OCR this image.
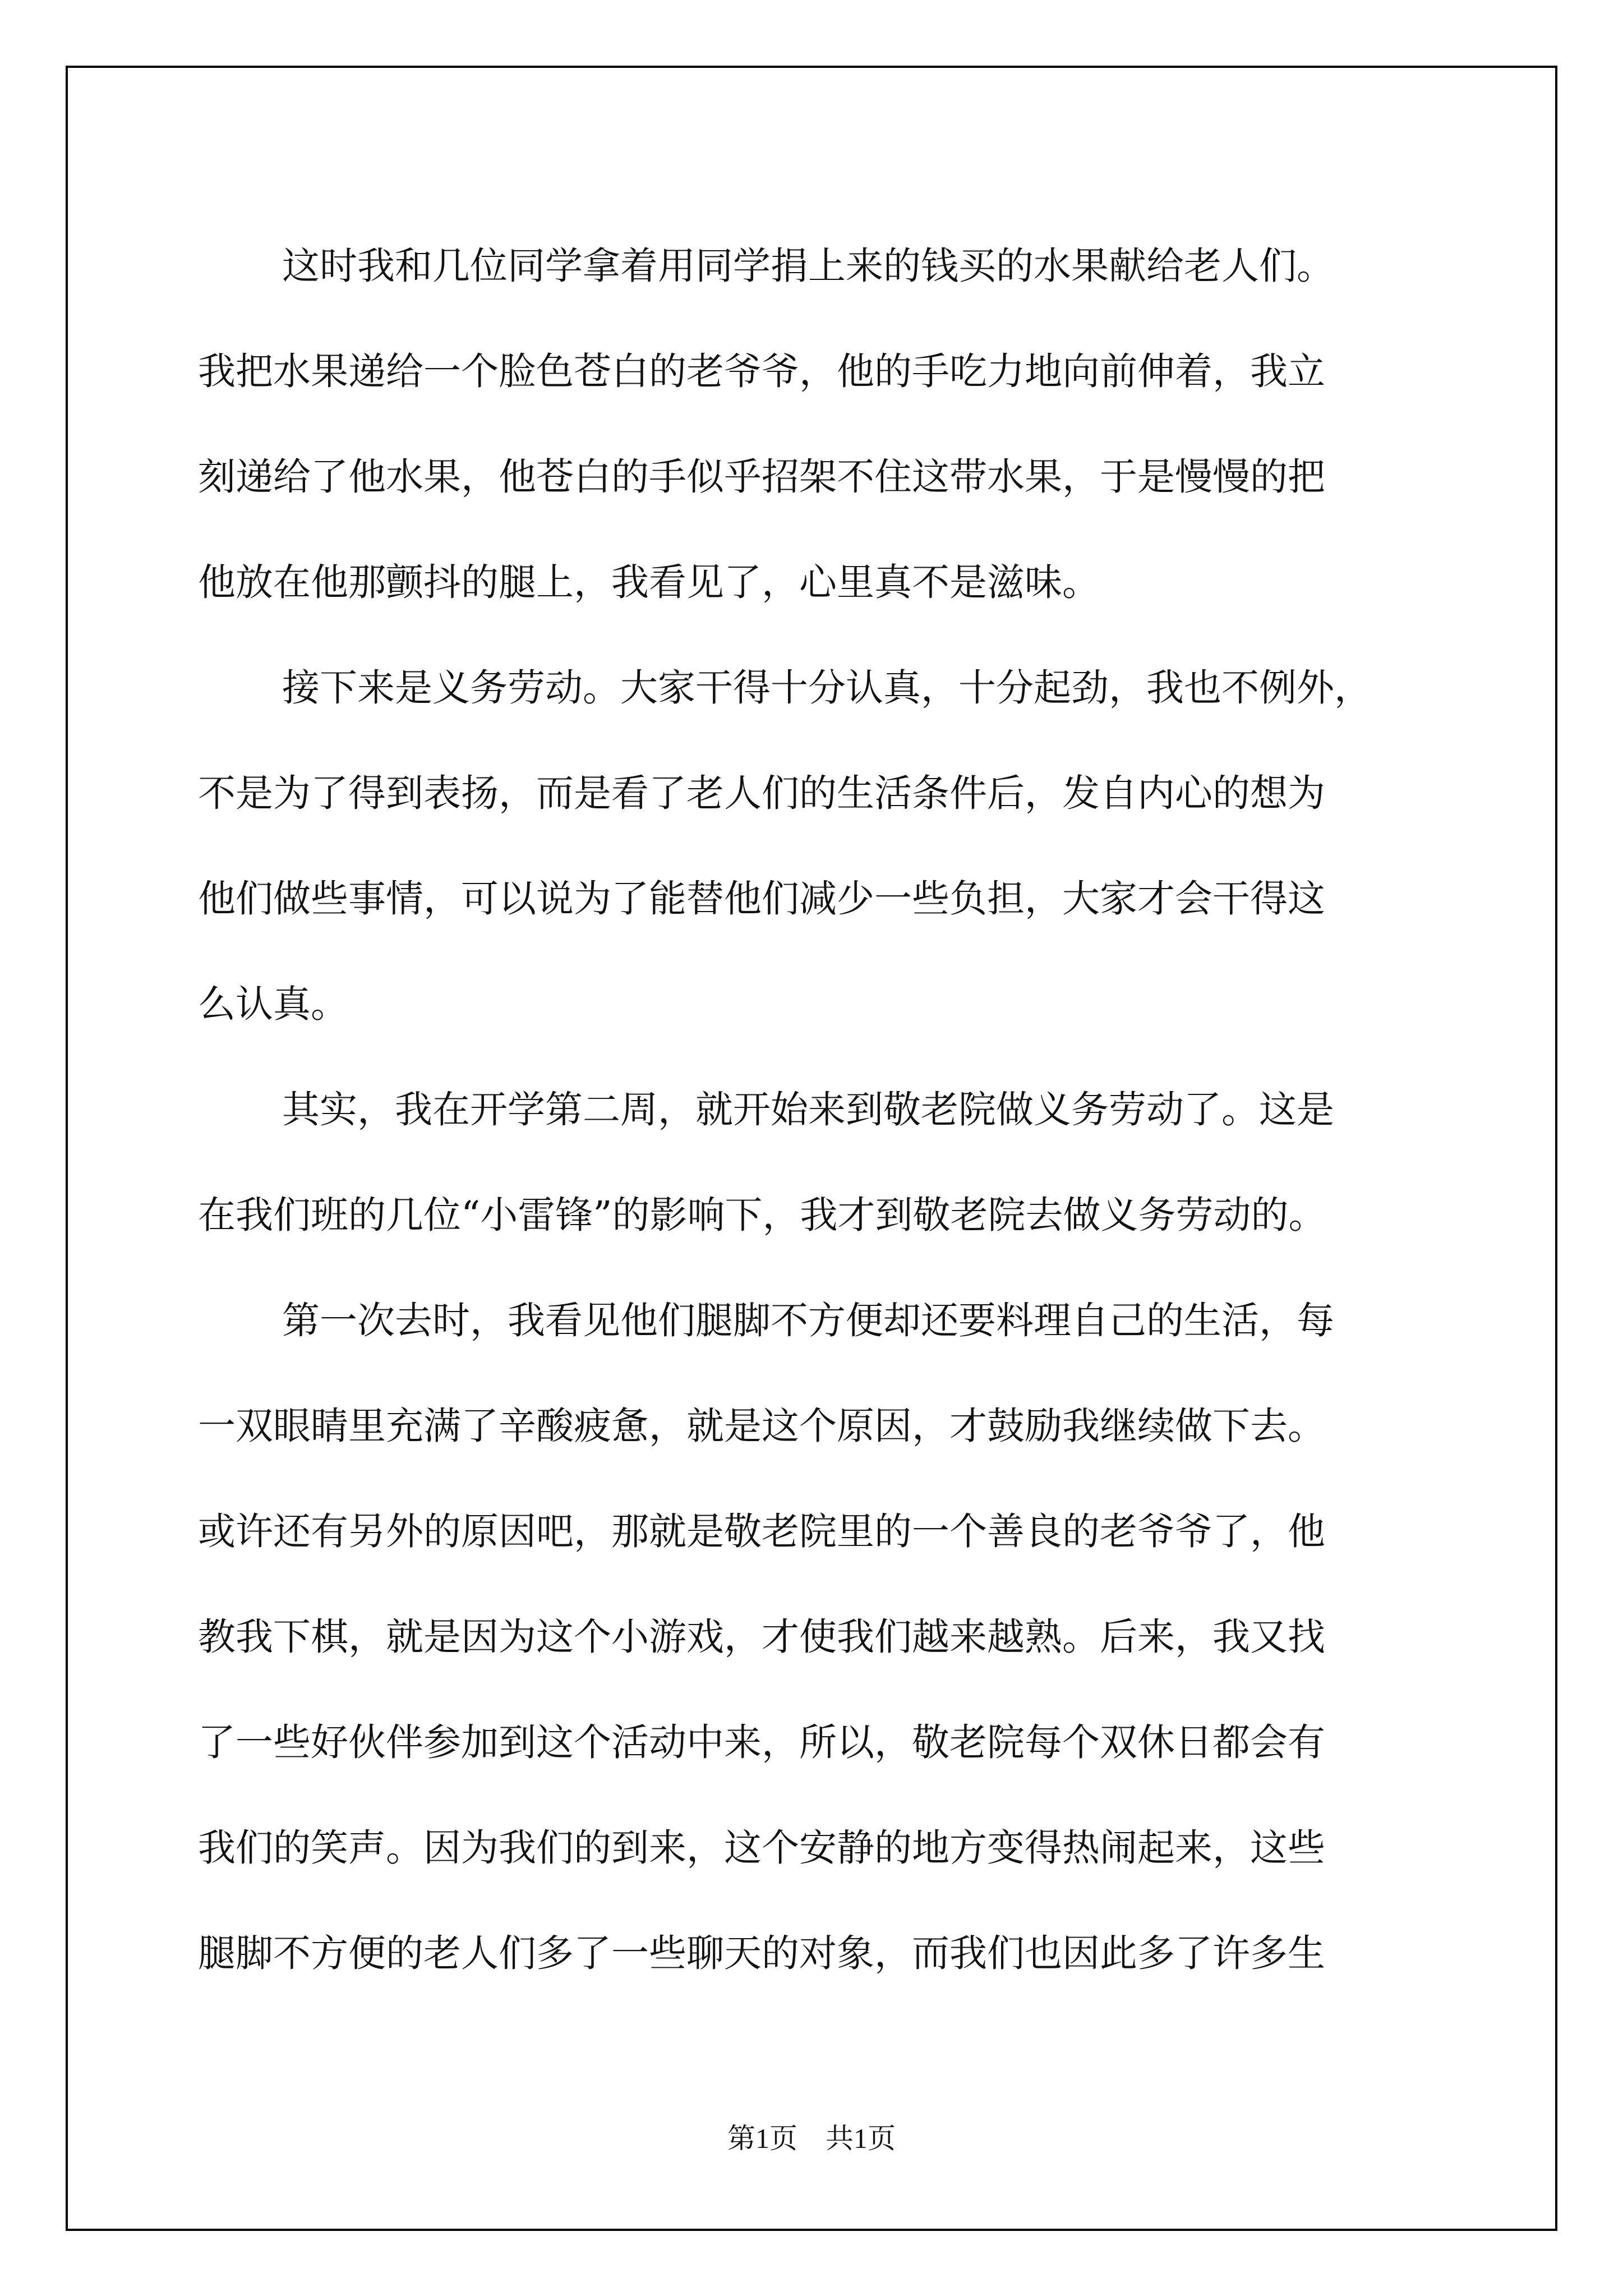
这时我和几位同学拿着用同学捐上来的钱买的水果献给老人们。
我把水果递给一个脸色苍白的老爷爷，他的手吃力地向前伸着，我立
刻递给了他水果，他苍白的手似乎招架不住这带水果，于是慢慢的把
他放在他那颤抖的腿上，我看见了，心里真不是滋味。
接下来是义务劳动。大家干得十分认真，十分起劲，我也不例外，
不是为了得到表扬，而是看了老人们的生活条件后，发自内心的想为
他们做些事情，可以说为了能替他们减少一些负担，大家才会干得这
么认真。
其实，我在开学第二周，就开始来到敬老院做义务劳动了。这是
在我们班的几位“小雷锋”的影响下，我才到敬老院去做义务劳动的。
第一次去时，我看见他们腿脚不方便却还要料理自己的生活，每
一双眼睛里充满了辛酸疲惫，就是这个原因，才鼓励我继续做下去。
或许还有另外的原因吧，那就是敬老院里的一个善良的老爷爷了，他
教我下棋，就是因为这个小游戏，才使我们越来越熟。后来，我又找
了一些好伙伴参加到这个活动中来，所以，敬老院每个双休日都会有
我们的笑声。因为我们的到来，这个安静的地方变得热闹起来，这些
腿脚不方便的老人们多了一些聊天的对象，而我们也因此多了许多生
第1页 共1页
